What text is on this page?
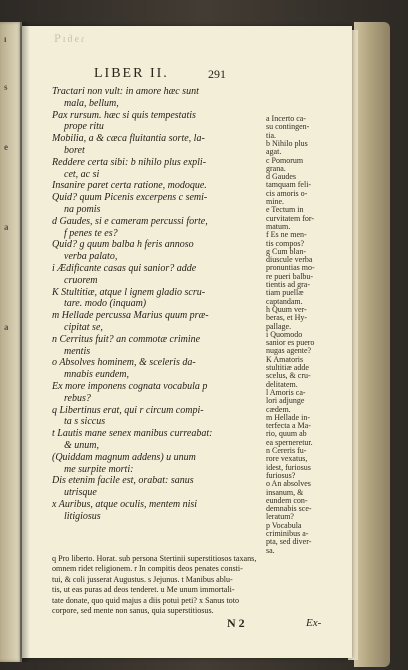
ı
s
e
a
a
ɿɘɓıꟼ
LIBER II.	291
Tractari non vult: in amore hæc sunt
mala, bellum,
Pax rursum. hæc si quis tempestatis
prope ritu
Mobilia, a & cæca fluitantia sorte, la-
boret
Reddere certa sibi: b nihilo plus expli-
cet, ac si
Insanire paret certa ratione, modoque.
Quid? quum Picenis excerpens c semi-
na pomis
d Gaudes, si e cameram percussi forte,
f penes te es?
Quid? g quum balba h feris annoso
verba palato,
i Ædificante casas qui sanior? adde
cruorem
K Stultitiæ, atque l ignem gladio scru-
tare. modo (inquam)
m Hellade percussa Marius quum præ-
cipitat se,
n Cerritus fuit? an commotæ crimine
mentis
o Absolves hominem, & sceleris da-
mnabis eundem,
Ex more imponens cognata vocabula p
rebus?
q Libertinus erat, qui r circum compi-
ta s siccus
t Lautis mane senex manibus curreabat:
& unum,
(Quiddam magnum addens) u unum
me surpite morti:
Dis etenim facile est, orabat: sanus
utrisque
x Auribus, atque oculis, mentem nisi
litigiosus
a Incerto ca-
su contingen-
tia.
b Nihilo plus
agat.
c Pomorum
grana.
d Gaudes
tamquam feli-
cis amoris o-
mine.
e Tectum in
curvitatem for-
matum.
f Es ne men-
tis compos?
g Cum blan-
diuscule verba
pronuntias mo-
re pueri balbu-
tientis ad gra-
tiam puellæ
captandam.
h Quum ver-
beras, et Hy-
pallage.
i Quomodo
sanior es puero
nugas agente?
K Amatoris
stultitiæ adde
scelus, & cru-
delitatem.
l Amoris ca-
lori adjunge
cædem.
m Hellade in-
terfecta a Ma-
rio, quum ab
ea sperneretur.
n Cereris fu-
rore vexatus,
idest, furiosus
furiosus?
o An absolves
insanum, &
eundem con-
demnabis sce-
leratum?
p Vocabula
criminibus a-
pta, sed diver-
sa.
q Pro liberto. Horat. sub persona Stertinii superstitiosos taxans,
omnem ridet religionem. r In compitis deos penates consti-
tui, & coli jusserat Augustus. s Jejunus. t Manibus ablu-
tis, ut eas puras ad deos tenderet. u Me unum immortali-
tate donate, quo quid majus a diis potui peti? x Sanus toto
corpore, sed mente non sanus, quia superstitiosus.
N 2	Ex-
